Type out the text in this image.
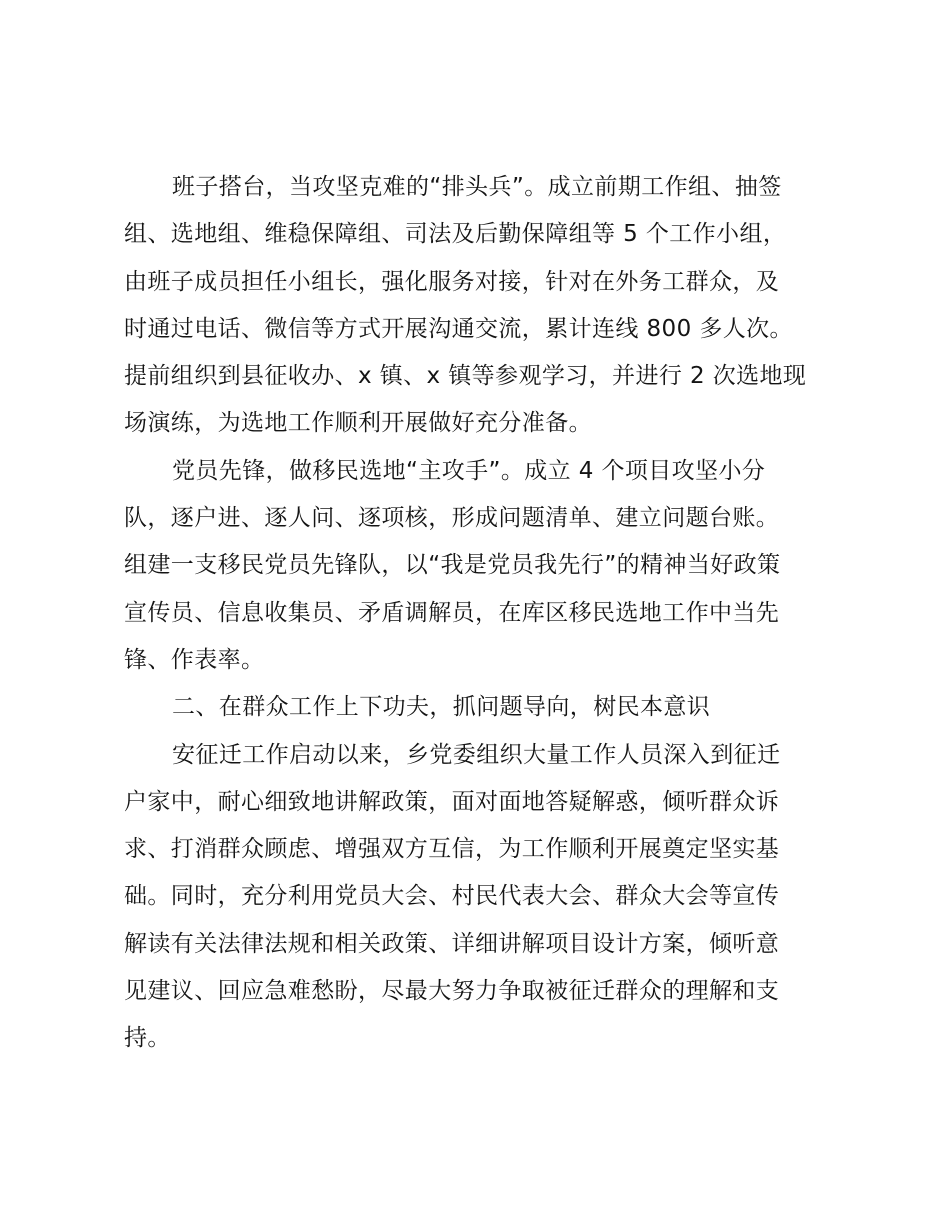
班子搭台，当攻坚克难的“排头兵”。成立前期工作组、抽签
组、选地组、维稳保障组、司法及后勤保障组等 5 个工作小组，
由班子成员担任小组长，强化服务对接，针对在外务工群众，及
时通过电话、微信等方式开展沟通交流，累计连线 800 多人次。
提前组织到县征收办、x 镇、x 镇等参观学习，并进行 2 次选地现
场演练，为选地工作顺利开展做好充分准备。
党员先锋，做移民选地“主攻手”。成立 4 个项目攻坚小分
队，逐户进、逐人问、逐项核，形成问题清单、建立问题台账。
组建一支移民党员先锋队，以“我是党员我先行”的精神当好政策
宣传员、信息收集员、矛盾调解员，在库区移民选地工作中当先
锋、作表率。
二、在群众工作上下功夫，抓问题导向，树民本意识
安征迁工作启动以来，乡党委组织大量工作人员深入到征迁
户家中，耐心细致地讲解政策，面对面地答疑解惑，倾听群众诉
求、打消群众顾虑、增强双方互信，为工作顺利开展奠定坚实基
础。同时，充分利用党员大会、村民代表大会、群众大会等宣传
解读有关法律法规和相关政策、详细讲解项目设计方案，倾听意
见建议、回应急难愁盼，尽最大努力争取被征迁群众的理解和支
持。
